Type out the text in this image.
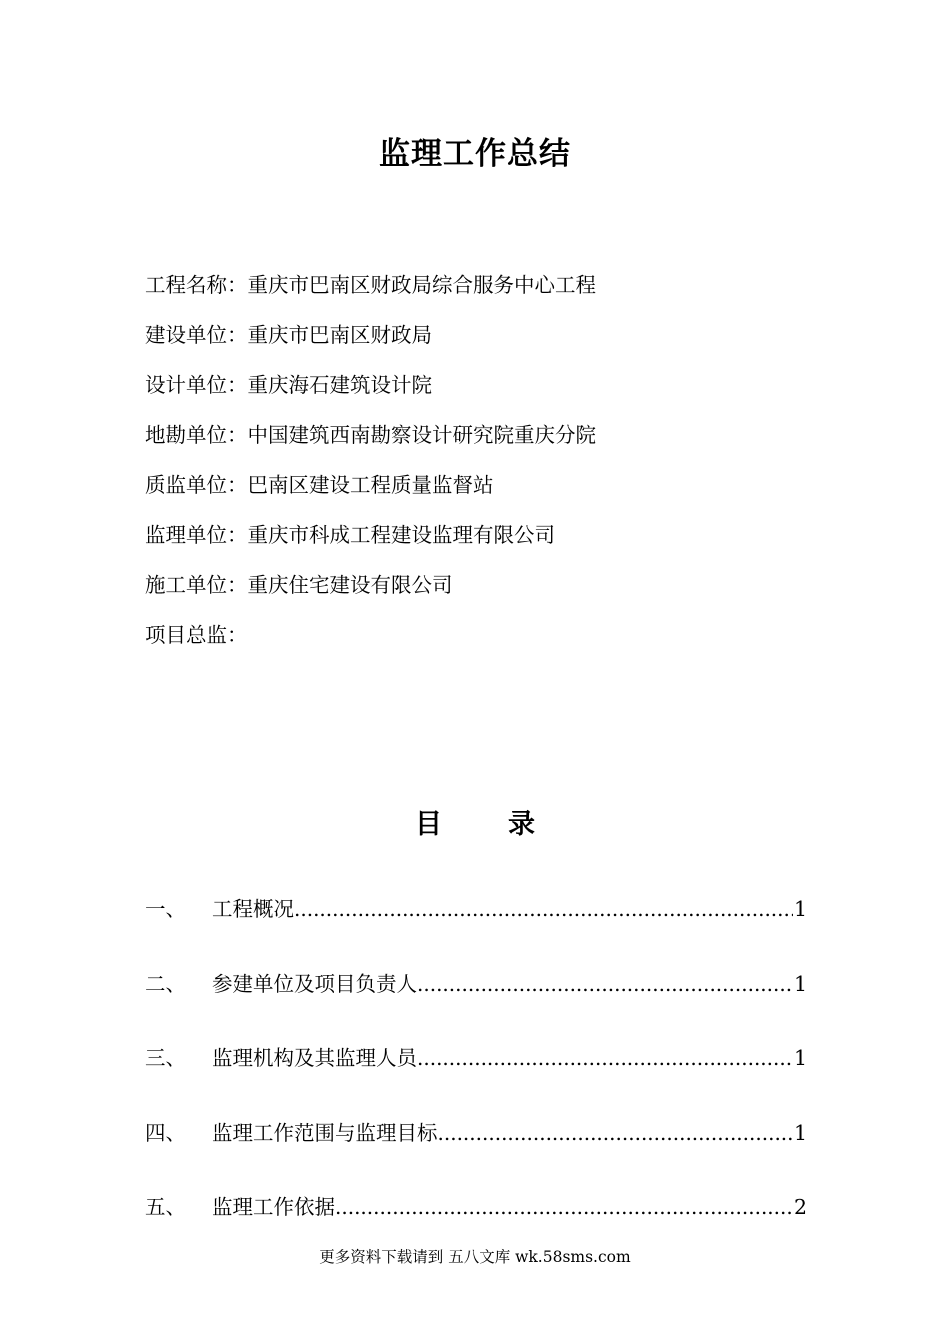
监理工作总结
工程名称：重庆市巴南区财政局综合服务中心工程
建设单位：重庆市巴南区财政局
设计单位：重庆海石建筑设计院
地勘单位：中国建筑西南勘察设计研究院重庆分院
质监单位：巴南区建设工程质量监督站
监理单位：重庆市科成工程建设监理有限公司
施工单位：重庆住宅建设有限公司
项目总监：
目 录
一、	工程概况 .....	1
二、	参建单位及项目负责人 .....	1
三、	监理机构及其监理人员 .....	1
四、	监理工作范围与监理目标 .....	1
五、	监理工作依据 .....	2
更多资料下载请到 五八文库 wk.58sms.com
